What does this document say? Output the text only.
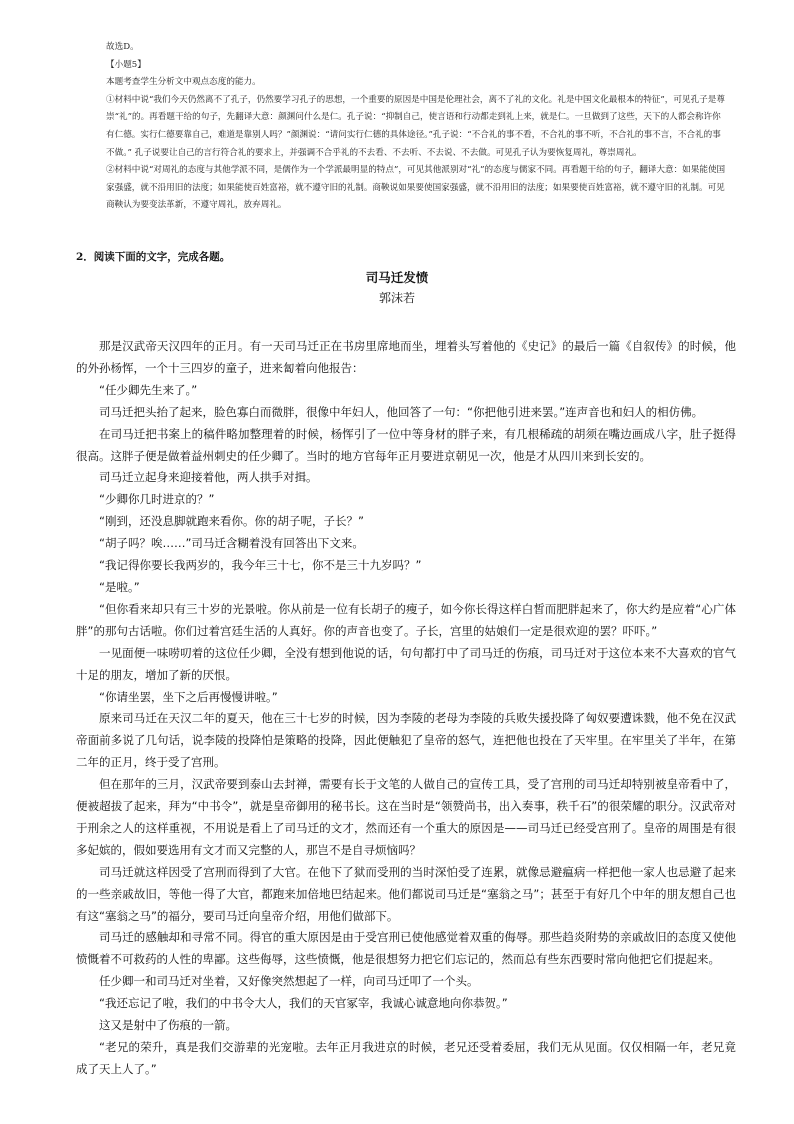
故选D。

【小题5】

本题考查学生分析文中观点态度的能力。

①材料中说“我们今天仍然离不了孔子，仍然要学习孔子的思想，一个重要的原因是中国是伦理社会，离不了礼的文化。礼是中国文化最根本的特征”，可见孔子是尊崇“礼”的。再看题干给的句子，先翻译大意：颜渊问什么是仁。孔子说：“抑制自己，使言语和行动都走到礼上来，就是仁。一旦做到了这些，天下的人都会称许你有仁德。实行仁德要靠自己，难道是靠别人吗？”颜渊说：“请问实行仁德的具体途径。”孔子说：“不合礼的事不看，不合礼的事不听，不合礼的事不言，不合礼的事不做。” 孔子说要让自己的言行符合礼的要求上，并强调不合乎礼的不去看、不去听、不去说、不去做。可见孔子认为要恢复周礼，尊崇周礼。

②材料中说“对周礼的态度与其他学派不同，是儒作为一个学派最明显的特点”，可见其他派别对“礼”的态度与儒家不同。再看题干给的句子，翻译大意：如果能使国家强盛，就不沿用旧的法度；如果能使百姓富裕，就不遵守旧的礼制。商鞅说如果要使国家强盛，就不沿用旧的法度；如果要使百姓富裕，就不遵守旧的礼制。可见商鞅认为要变法革新，不遵守周礼，放弃周礼。

2．阅读下面的文字，完成各题。
司马迁发愤
郭沫若

那是汉武帝天汉四年的正月。有一天司马迁正在书房里席地而坐，埋着头写着他的《史记》的最后一篇《自叙传》的时候，他的外孙杨恽，一个十三四岁的童子，进来匐着向他报告：

“任少卿先生来了。”

司马迁把头抬了起来，脸色寡白而微胖，很像中年妇人，他回答了一句：“你把他引进来罢。”连声音也和妇人的相仿佛。

在司马迁把书案上的稿件略加整理着的时候，杨恽引了一位中等身材的胖子来，有几根稀疏的胡须在嘴边画成八字，肚子挺得很高。这胖子便是做着益州刺史的任少卿了。当时的地方官每年正月要进京朝见一次，他是才从四川来到长安的。

司马迁立起身来迎接着他，两人拱手对揖。

“少卿你几时进京的？”

“刚到，还没息脚就跑来看你。你的胡子呢，子长？”

“胡子吗？唉……”司马迁含糊着没有回答出下文来。

“我记得你要长我两岁的，我今年三十七，你不是三十九岁吗？”

“是啦。”

“但你看来却只有三十岁的光景啦。你从前是一位有长胡子的瘦子，如今你长得这样白皙而肥胖起来了，你大约是应着“心广体胖”的那句古话啦。你们过着宫廷生活的人真好。你的声音也变了。子长，宫里的姑娘们一定是很欢迎的罢？吓吓。”

一见面便一味唠叨着的这位任少卿，全没有想到他说的话，句句都打中了司马迁的伤痕，司马迁对于这位本来不大喜欢的官气十足的朋友，增加了新的厌恨。

“你请坐罢，坐下之后再慢慢讲啦。”

原来司马迁在天汉二年的夏天，他在三十七岁的时候，因为李陵的老母为李陵的兵败失援投降了匈奴要遭诛戮，他不免在汉武帝面前多说了几句话，说李陵的投降怕是策略的投降，因此便触犯了皇帝的怒气，连把他也投在了天牢里。在牢里关了半年，在第二年的正月，终于受了宫刑。

但在那年的三月，汉武帝要到泰山去封禅，需要有长于文笔的人做自己的宣传工具，受了宫刑的司马迁却特别被皇帝看中了，便被超拔了起来，拜为“中书令”，就是皇帝御用的秘书长。这在当时是“领赞尚书，出入奏事，秩千石”的很荣耀的职分。汉武帝对于刑余之人的这样重视，不用说是看上了司马迁的文才，然而还有一个重大的原因是——司马迁已经受宫刑了。皇帝的周围是有很多妃嫔的，假如要选用有文才而又完整的人，那岂不是自寻烦恼吗？

司马迁就这样因受了宫刑而得到了大官。在他下了狱而受刑的当时深怕受了连累，就像忌避瘟病一样把他一家人也忌避了起来的一些亲戚故旧，等他一得了大官，都跑来加倍地巴结起来。他们都说司马迁是“塞翁之马”；甚至于有好几个中年的朋友想自己也有这“塞翁之马”的福分，要司马迁向皇帝介绍，用他们做部下。

司马迁的感触却和寻常不同。得官的重大原因是由于受宫刑已使他感觉着双重的侮辱。那些趋炎附势的亲戚故旧的态度又使他愤慨着不可救药的人性的卑鄙。这些侮辱，这些愤慨，他是很想努力把它们忘记的，然而总有些东西要时常向他把它们提起来。

任少卿一和司马迁对坐着，又好像突然想起了一样，向司马迁叩了一个头。

“我还忘记了啦，我们的中书令大人，我们的天官冢宰，我诚心诚意地向你恭贺。”

这又是射中了伤痕的一箭。

“老兄的荣升，真是我们交游辈的光宠啦。去年正月我进京的时候，老兄还受着委屈，我们无从见面。仅仅相隔一年，老兄竟成了天上人了。”
